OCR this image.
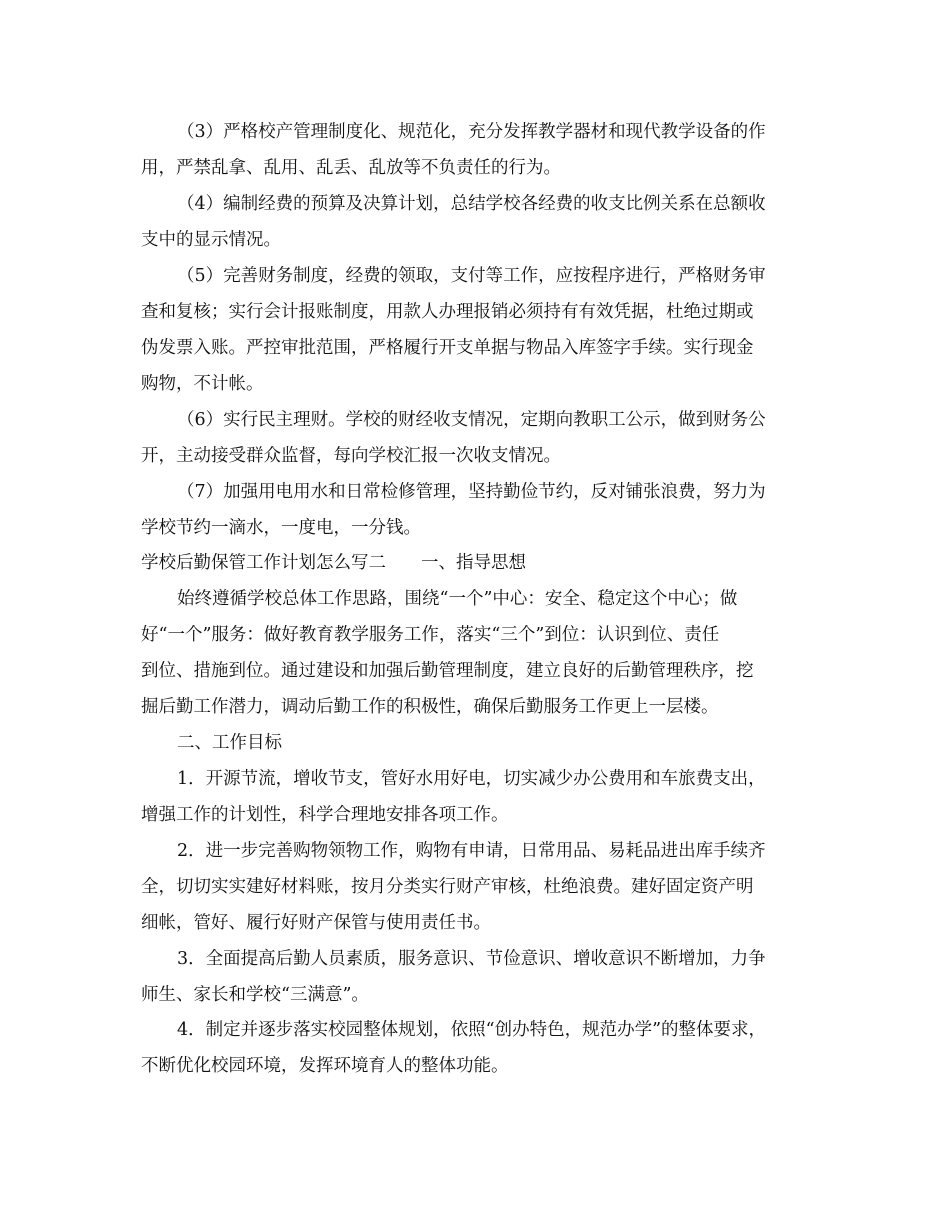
（3）严格校产管理制度化、规范化，充分发挥教学器材和现代教学设备的作
用，严禁乱拿、乱用、乱丢、乱放等不负责任的行为。
（4）编制经费的预算及决算计划，总结学校各经费的收支比例关系在总额收
支中的显示情况。
（5）完善财务制度，经费的领取，支付等工作，应按程序进行，严格财务审
查和复核；实行会计报账制度，用款人办理报销必须持有有效凭据，杜绝过期或
伪发票入账。严控审批范围，严格履行开支单据与物品入库签字手续。实行现金
购物，不计帐。
（6）实行民主理财。学校的财经收支情况，定期向教职工公示，做到财务公
开，主动接受群众监督，每向学校汇报一次收支情况。
（7）加强用电用水和日常检修管理，坚持勤俭节约，反对铺张浪费，努力为
学校节约一滴水，一度电，一分钱。
学校后勤保管工作计划怎么写二　　一、指导思想
始终遵循学校总体工作思路，围绕“一个”中心：安全、稳定这个中心；做
好“一个”服务：做好教育教学服务工作，落实“三个”到位：认识到位、责任
到位、措施到位。通过建设和加强后勤管理制度，建立良好的后勤管理秩序，挖
掘后勤工作潜力，调动后勤工作的积极性，确保后勤服务工作更上一层楼。
二、工作目标
1．开源节流，增收节支，管好水用好电，切实减少办公费用和车旅费支出，
增强工作的计划性，科学合理地安排各项工作。
2．进一步完善购物领物工作，购物有申请，日常用品、易耗品进出库手续齐
全，切切实实建好材料账，按月分类实行财产审核，杜绝浪费。建好固定资产明
细帐，管好、履行好财产保管与使用责任书。
3．全面提高后勤人员素质，服务意识、节俭意识、增收意识不断增加，力争
师生、家长和学校“三满意”。
4．制定并逐步落实校园整体规划，依照“创办特色，规范办学”的整体要求，
不断优化校园环境，发挥环境育人的整体功能。
